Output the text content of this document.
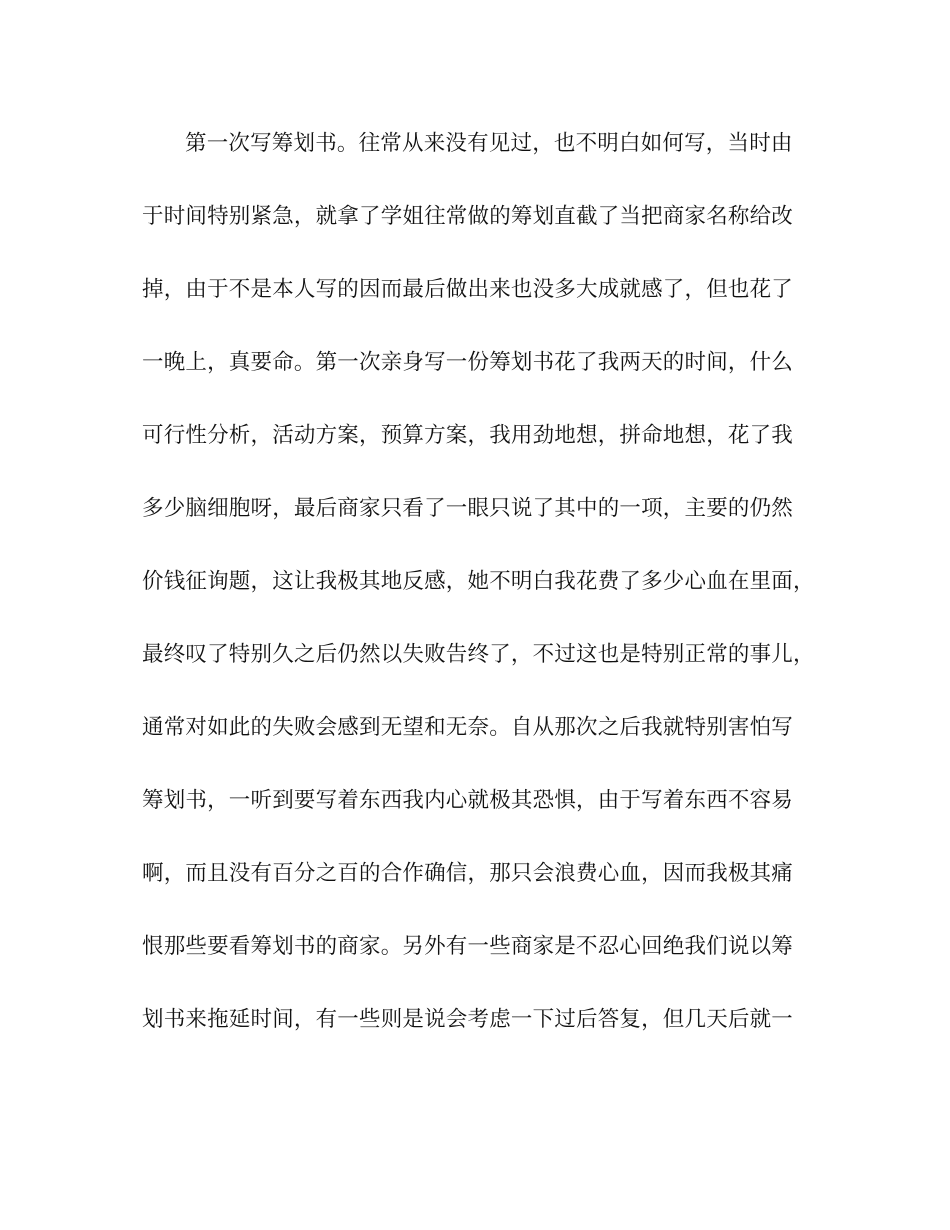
第一次写筹划书。往常从来没有见过，也不明白如何写，当时由
于时间特别紧急，就拿了学姐往常做的筹划直截了当把商家名称给改
掉，由于不是本人写的因而最后做出来也没多大成就感了，但也花了
一晚上，真要命。第一次亲身写一份筹划书花了我两天的时间，什么
可行性分析，活动方案，预算方案，我用劲地想，拼命地想，花了我
多少脑细胞呀，最后商家只看了一眼只说了其中的一项，主要的仍然
价钱征询题，这让我极其地反感，她不明白我花费了多少心血在里面，
最终叹了特别久之后仍然以失败告终了，不过这也是特别正常的事儿，
通常对如此的失败会感到无望和无奈。自从那次之后我就特别害怕写
筹划书，一听到要写着东西我内心就极其恐惧，由于写着东西不容易
啊，而且没有百分之百的合作确信，那只会浪费心血，因而我极其痛
恨那些要看筹划书的商家。另外有一些商家是不忍心回绝我们说以筹
划书来拖延时间，有一些则是说会考虑一下过后答复，但几天后就一
